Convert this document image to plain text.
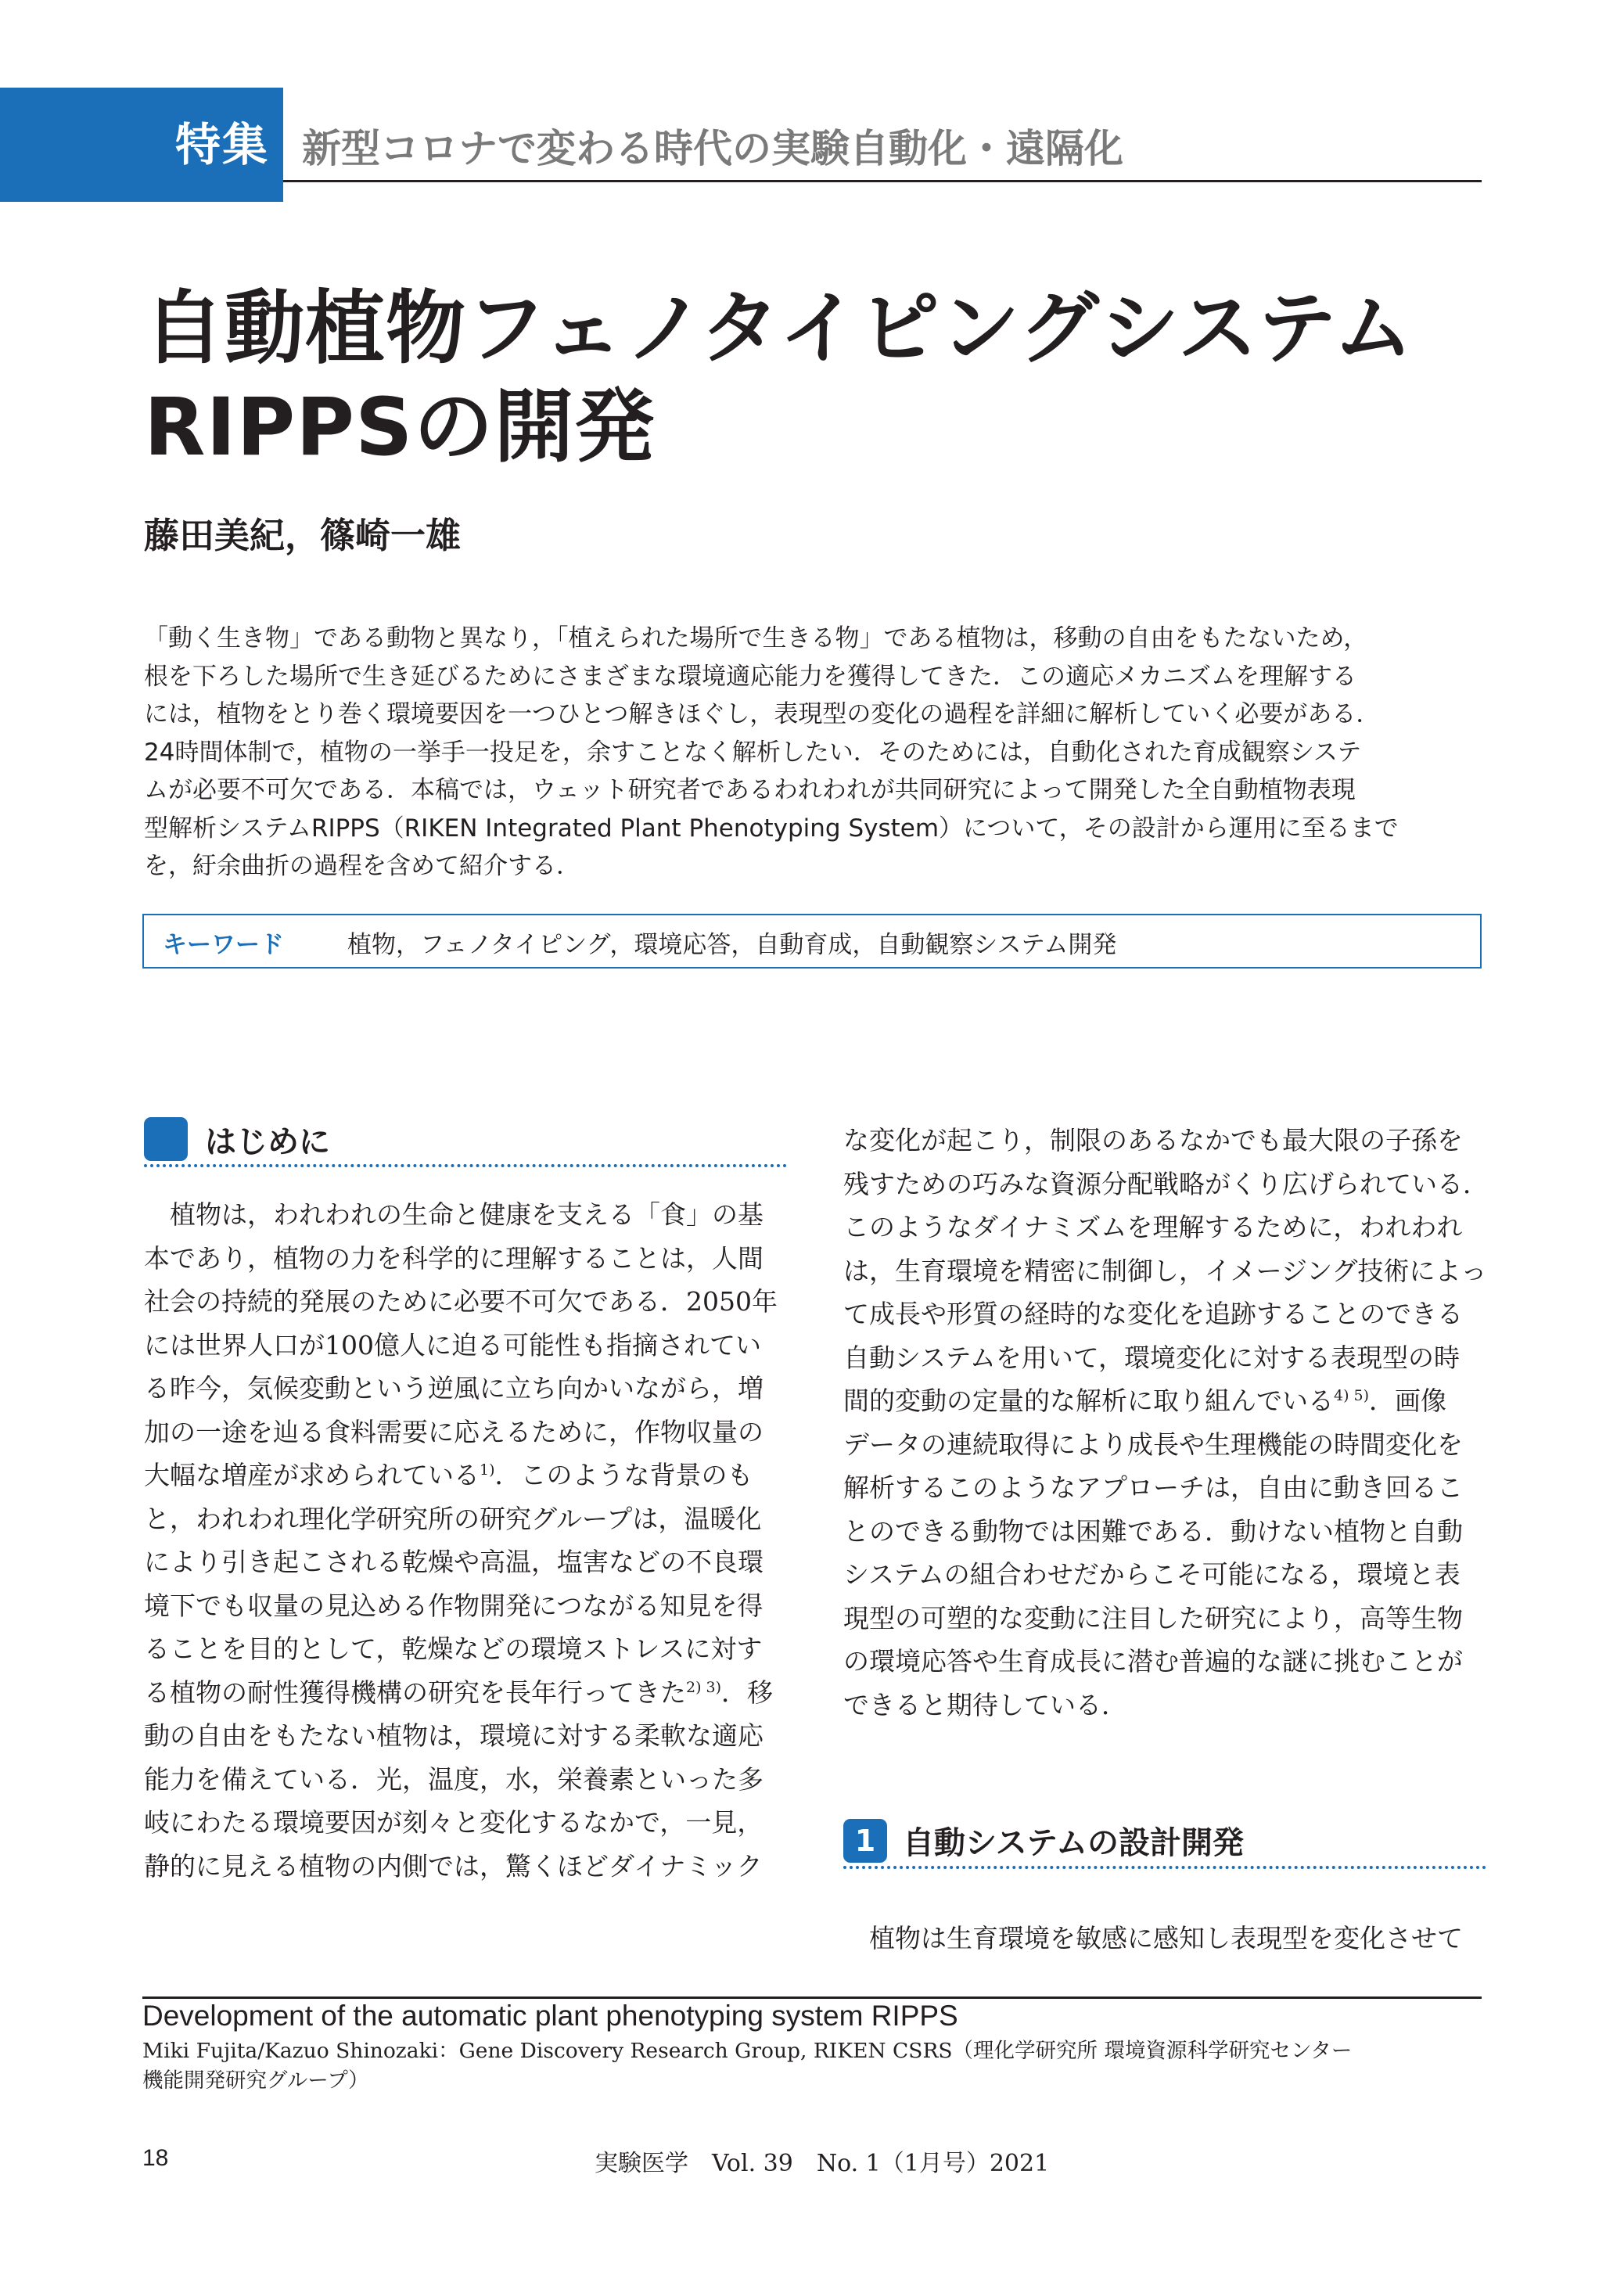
特集 新型コロナで変わる時代の実験自動化・遠隔化
自動植物フェノタイピングシステム
RIPPSの開発
藤田美紀，篠崎一雄
「動く生き物」である動物と異なり，「植えられた場所で生きる物」である植物は，移動の自由をもたないため，
根を下ろした場所で生き延びるためにさまざまな環境適応能力を獲得してきた．この適応メカニズムを理解する
には，植物をとり巻く環境要因を一つひとつ解きほぐし，表現型の変化の過程を詳細に解析していく必要がある．
24時間体制で，植物の一挙手一投足を，余すことなく解析したい．そのためには，自動化された育成観察システ
ムが必要不可欠である．本稿では，ウェット研究者であるわれわれが共同研究によって開発した全自動植物表現
型解析システムRIPPS（RIKEN Integrated Plant Phenotyping System）について，その設計から運用に至るまで
を，紆余曲折の過程を含めて紹介する．
キーワード	植物，フェノタイピング，環境応答，自動育成，自動観察システム開発
はじめに
　植物は，われわれの生命と健康を支える「食」の基
本であり，植物の力を科学的に理解することは，人間
社会の持続的発展のために必要不可欠である．2050年
には世界人口が100億人に迫る可能性も指摘されてい
る昨今，気候変動という逆風に立ち向かいながら，増
加の一途を辿る食料需要に応えるために，作物収量の
大幅な増産が求められている$^{1)}$．このような背景のも
と，われわれ理化学研究所の研究グループは，温暖化
により引き起こされる乾燥や高温，塩害などの不良環
境下でも収量の見込める作物開発につながる知見を得
ることを目的として，乾燥などの環境ストレスに対す
る植物の耐性獲得機構の研究を長年行ってきた$^{2) 3)}$．移
動の自由をもたない植物は，環境に対する柔軟な適応
能力を備えている．光，温度，水，栄養素といった多
岐にわたる環境要因が刻々と変化するなかで，一見，
静的に見える植物の内側では，驚くほどダイナミック
な変化が起こり，制限のあるなかでも最大限の子孫を
残すための巧みな資源分配戦略がくり広げられている．
このようなダイナミズムを理解するために，われわれ
は，生育環境を精密に制御し，イメージング技術によっ
て成長や形質の経時的な変化を追跡することのできる
自動システムを用いて，環境変化に対する表現型の時
間的変動の定量的な解析に取り組んでいる$^{4) 5)}$．画像
データの連続取得により成長や生理機能の時間変化を
解析するこのようなアプローチは，自由に動き回るこ
とのできる動物では困難である．動けない植物と自動
システムの組合わせだからこそ可能になる，環境と表
現型の可塑的な変動に注目した研究により，高等生物
の環境応答や生育成長に潜む普遍的な謎に挑むことが
できると期待している．
1 自動システムの設計開発
　植物は生育環境を敏感に感知し表現型を変化させて
Development of the automatic plant phenotyping system RIPPS
Miki Fujita/Kazuo Shinozaki：Gene Discovery Research Group, RIKEN CSRS（理化学研究所 環境資源科学研究センター
機能開発研究グループ）
18	実験医学　Vol. 39　No. 1（1月号）2021
